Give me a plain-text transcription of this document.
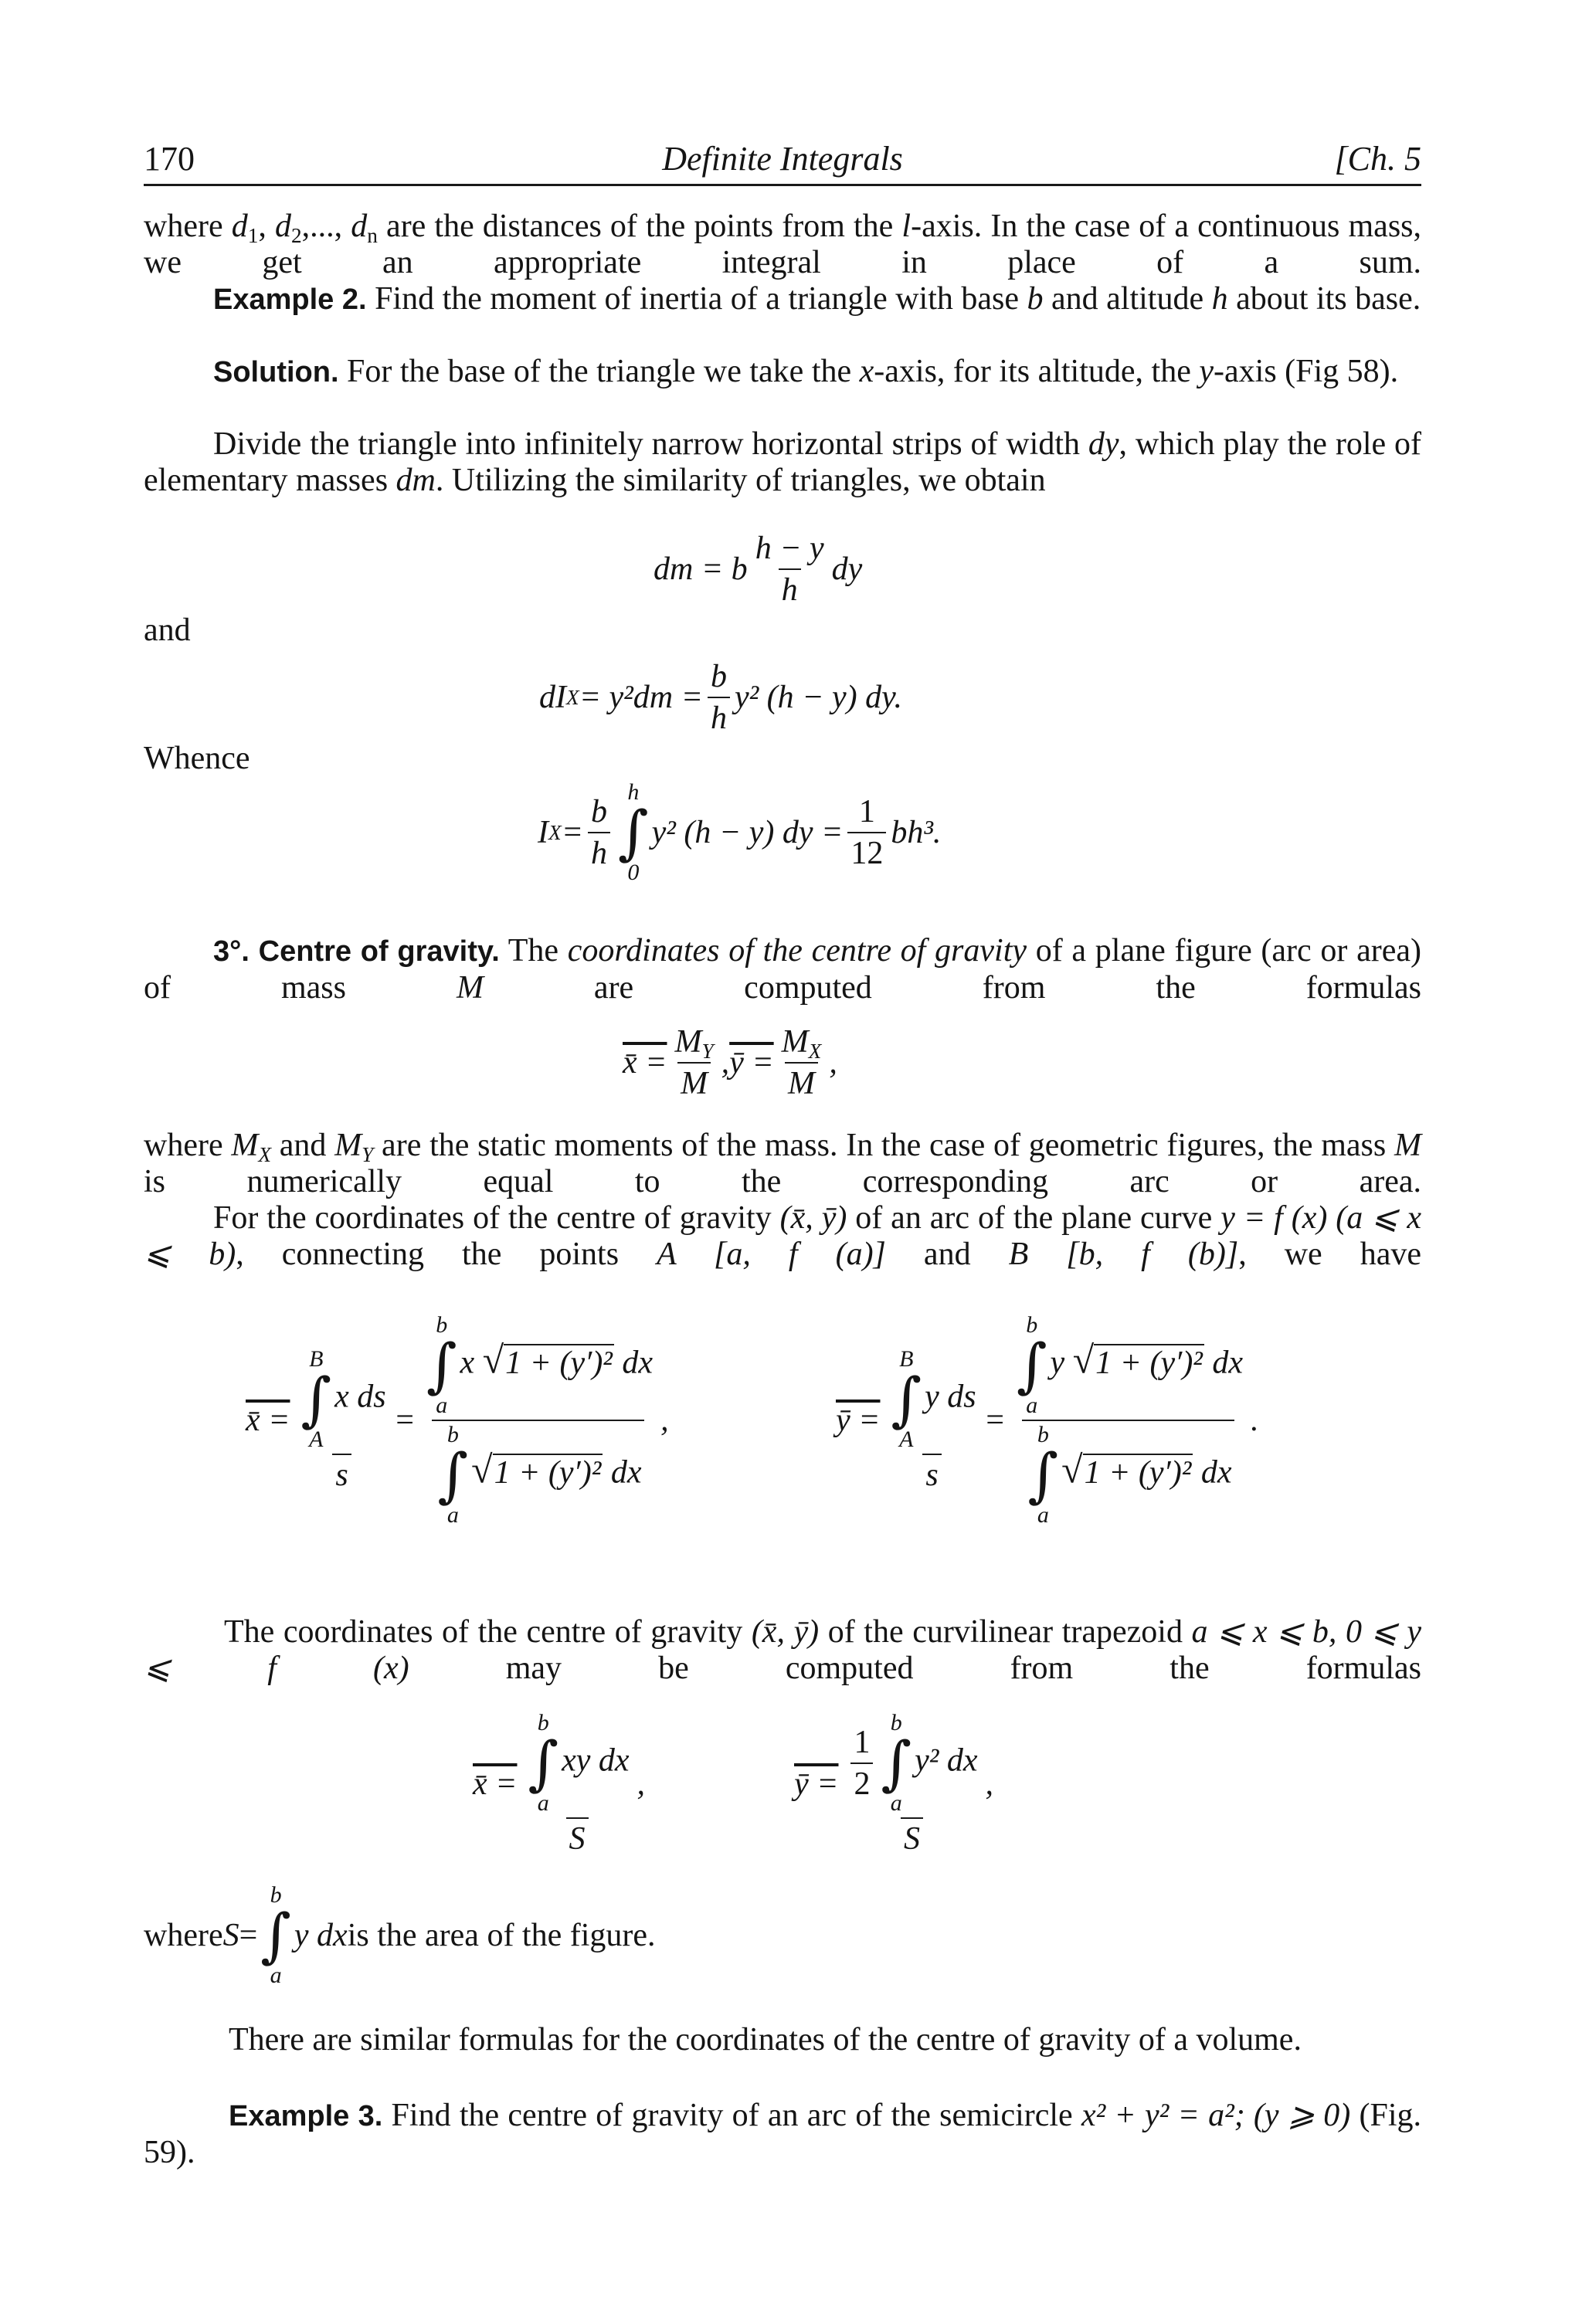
170	Definite Integrals	[Ch. 5

where $d_1$, $d_2$,..., $d_n$ are the distances of the points from the l-axis. In the case of a continuous mass, we get an appropriate integral in place of a sum.

Example 2. Find the moment of inertia of a triangle with base b and altitude h about its base.

Solution. For the base of the triangle we take the x-axis, for its altitude, the y-axis (Fig 58).

Divide the triangle into infinitely narrow horizontal strips of width dy, which play the role of elementary masses dm. Utilizing the similarity of triangles, we obtain

dm = b $\frac{h - y}{h}$ dy
and
dI $X = y^2dm = \frac{b}{h} y^2$ (h − y) dy.
Whence
I $X = \frac{b}{h}$
h
∫
0
y² (h − y) dy = $\frac{1}{12} bh^3$.

3°. Centre of gravity. The coordinates of the centre of gravity of a plane figure (arc or area) of mass M are computed from the formulas

x̄ = $\frac{M_Y}{M}$ , ȳ = $\frac{M_X}{M}$ ,

where $M_X$ and $M_Y$ are the static moments of the mass. In the case of geometric figures, the mass M is numerically equal to the corresponding arc or area.

For the coordinates of the centre of gravity (x̄, ȳ) of an arc of the plane curve y = f (x) (a ⩽ x ⩽ b), connecting the points A [a, f (a)] and B [b, f (b)], we have

x̄ = B
∫
A
x ds
s = b
∫
a
x √1 + (y′)² dx
b
∫
a
√1 + (y′)² dx ,	ȳ = B
∫
A
y ds
s = b
∫
a
y √1 + (y′)² dx
b
∫
a
√1 + (y′)² dx .

The coordinates of the centre of gravity (x̄, ȳ) of the curvilinear trapezoid a ⩽ x ⩽ b, 0 ⩽ y ⩽ f (x) may be computed from the formulas

x̄ = b
∫
a
xy dx
S ,	ȳ = $\frac{1}{2}$
b
∫
a
y² dx
S ,
where S =
b
∫
a
y dx is the area of the figure.

There are similar formulas for the coordinates of the centre of gravity of a volume.

Example 3. Find the centre of gravity of an arc of the semicircle x² + y² = a²; (y ⩾ 0) (Fig. 59).
